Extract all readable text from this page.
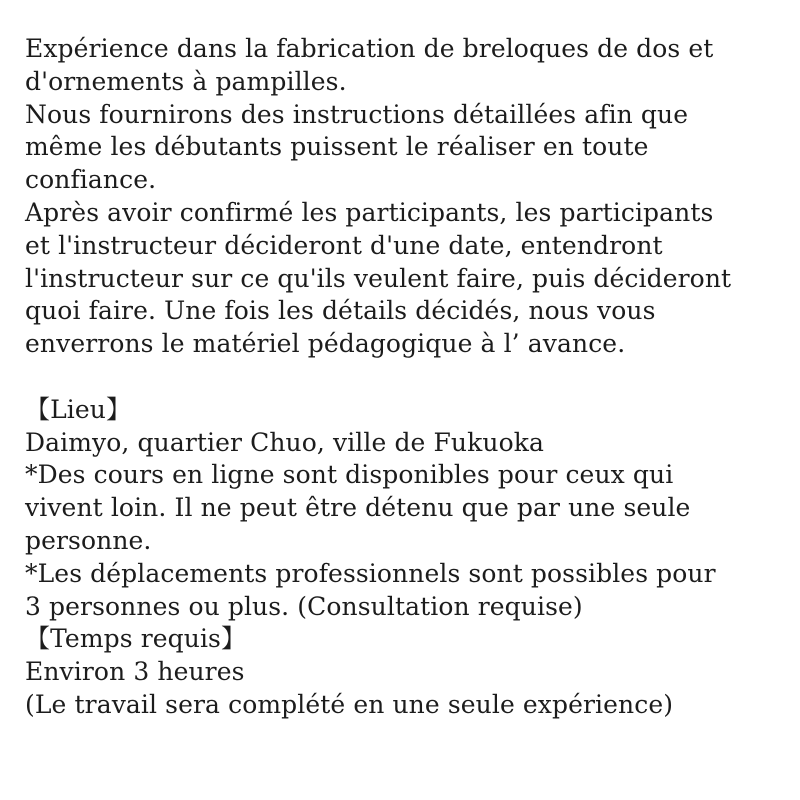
Expérience dans la fabrication de breloques de dos et
d'ornements à pampilles.
Nous fournirons des instructions détaillées afin que
même les débutants puissent le réaliser en toute
confiance.
Après avoir confirmé les participants, les participants
et l'instructeur décideront d'une date, entendront
l'instructeur sur ce qu'ils veulent faire, puis décideront
quoi faire. Une fois les détails décidés, nous vous
enverrons le matériel pédagogique à l’ avance.
【Lieu】
Daimyo, quartier Chuo, ville de Fukuoka
*Des cours en ligne sont disponibles pour ceux qui
vivent loin. Il ne peut être détenu que par une seule
personne.
*Les déplacements professionnels sont possibles pour
3 personnes ou plus. (Consultation requise)
【Temps requis】
Environ 3 heures
(Le travail sera complété en une seule expérience)
